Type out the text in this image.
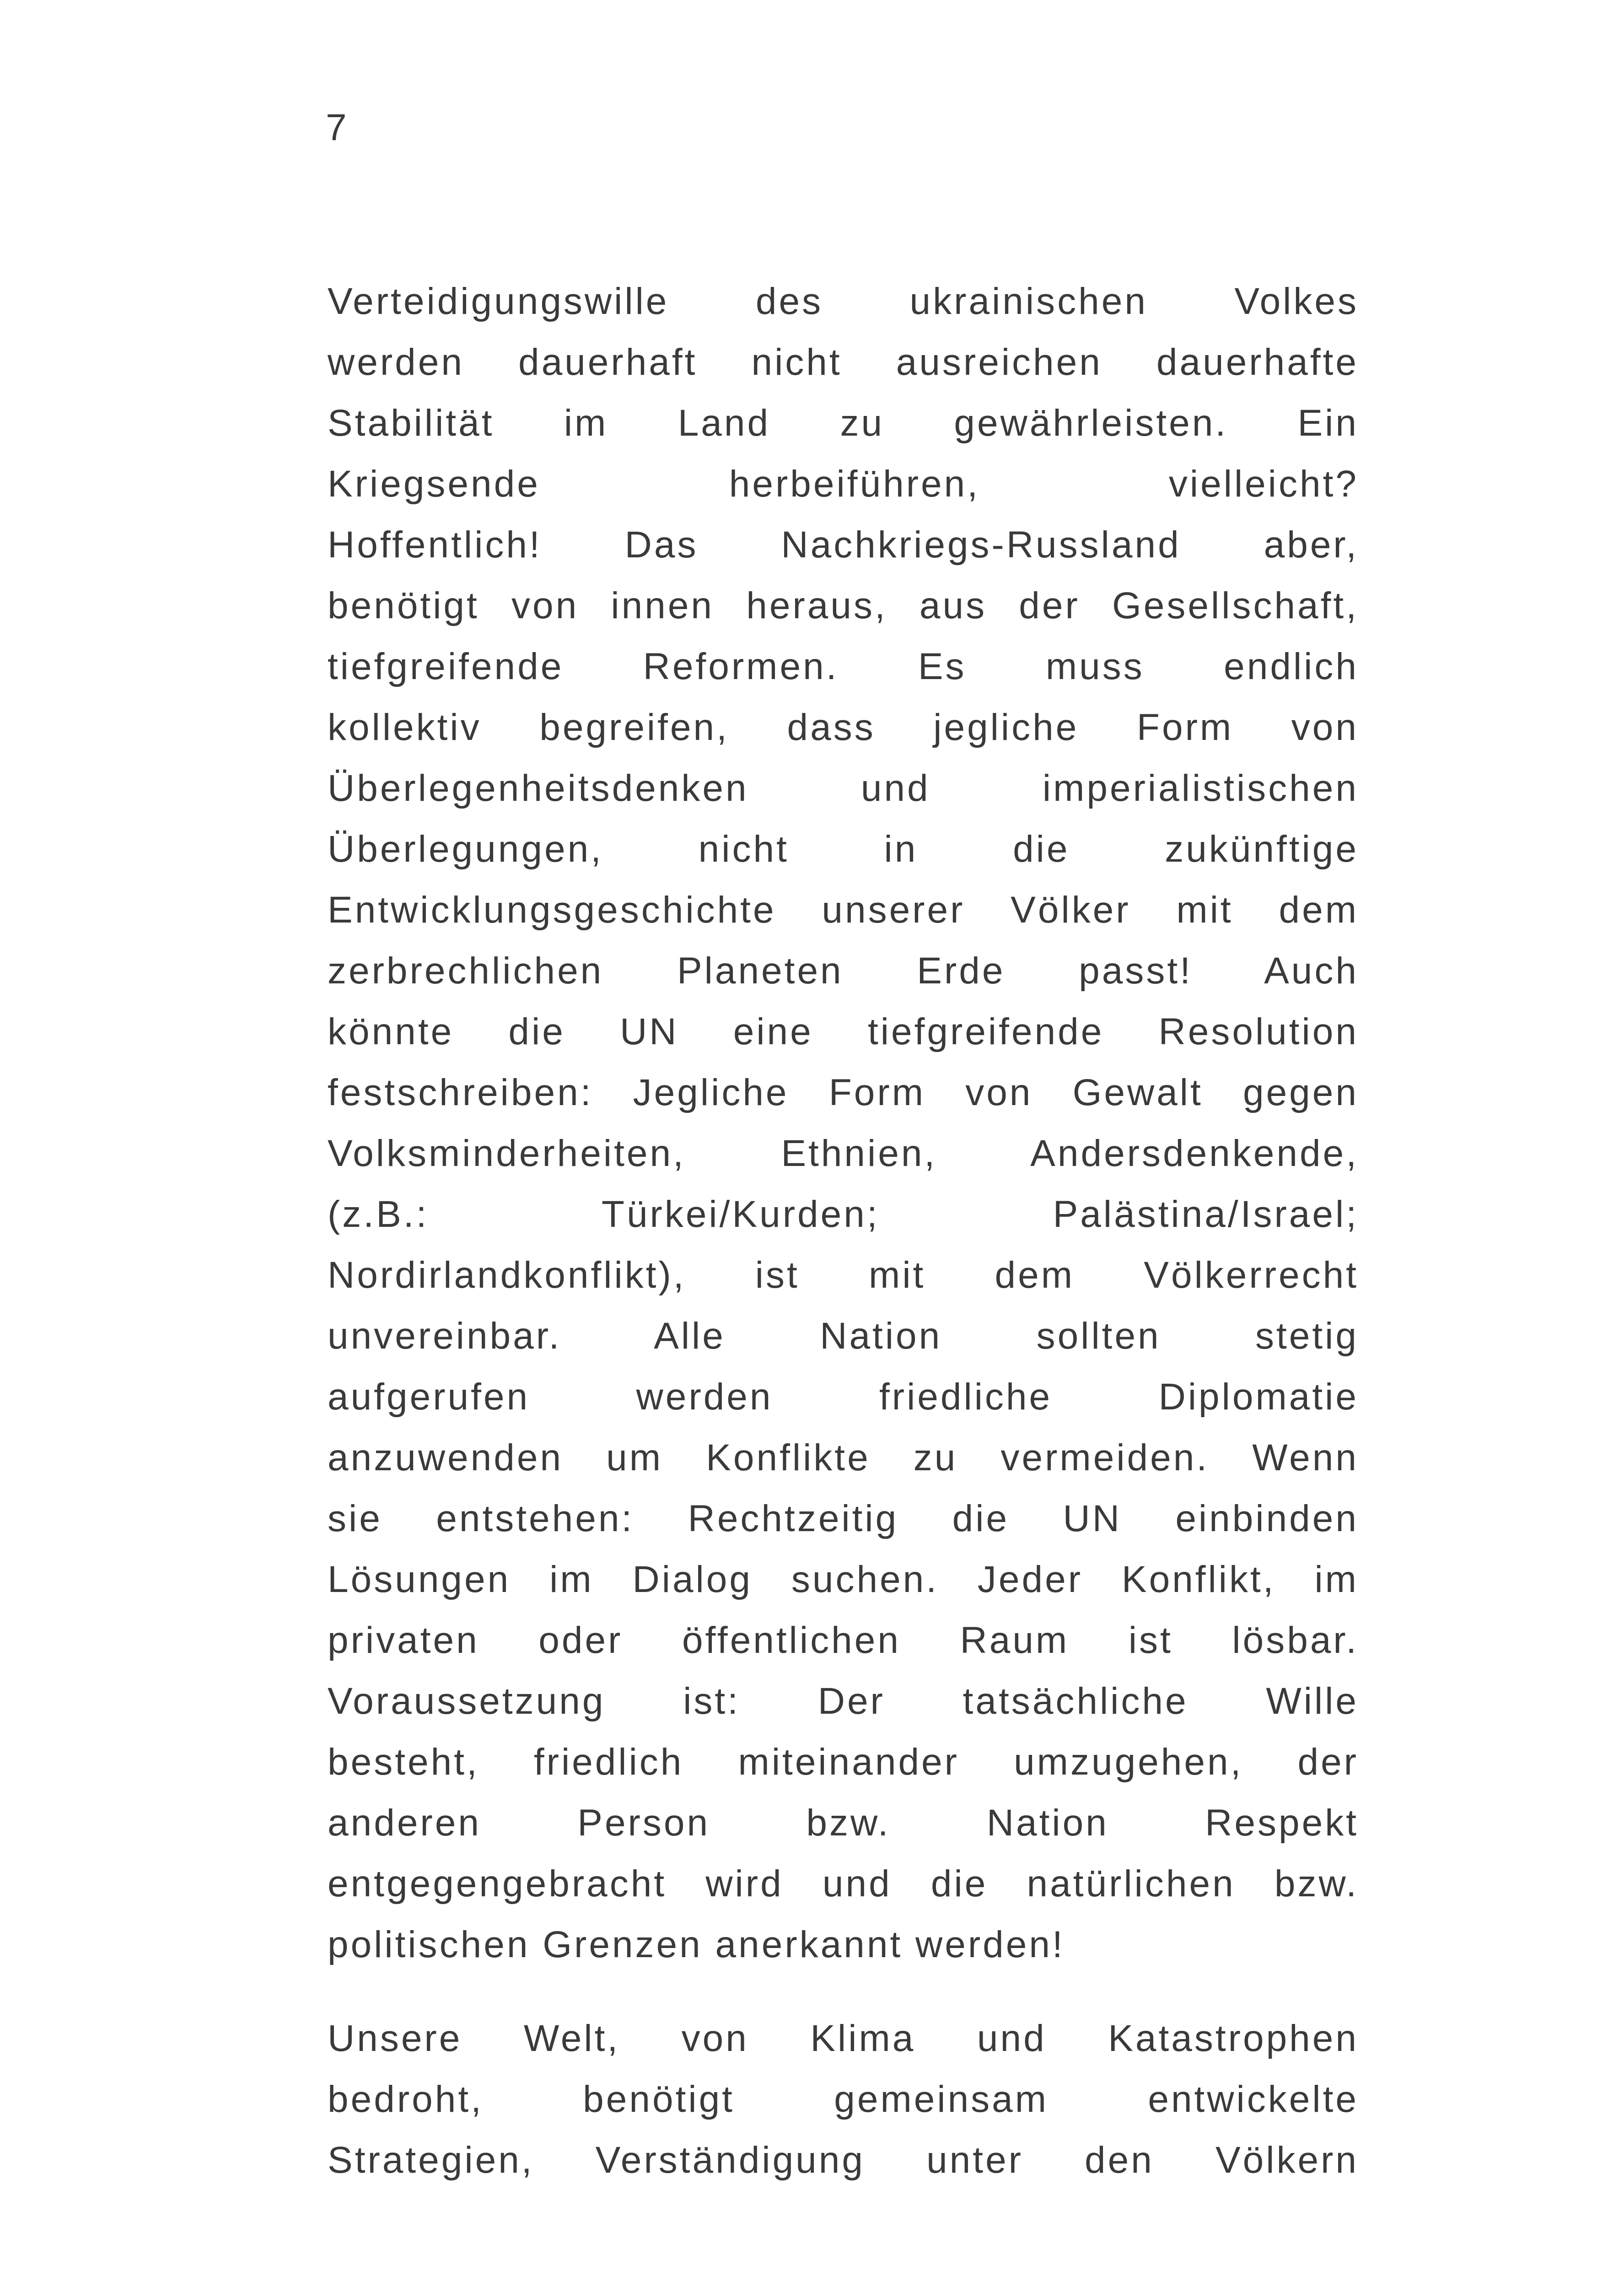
7
Verteidigungswille des ukrainischen Volkes
werden dauerhaft nicht ausreichen dauerhafte
Stabilität im Land zu gewährleisten. Ein
Kriegsende herbeiführen, vielleicht?
Hoffentlich! Das Nachkriegs-Russland aber,
benötigt von innen heraus, aus der Gesellschaft,
tiefgreifende Reformen. Es muss endlich
kollektiv begreifen, dass jegliche Form von
Überlegenheitsdenken und imperialistischen
Überlegungen, nicht in die zukünftige
Entwicklungsgeschichte unserer Völker mit dem
zerbrechlichen Planeten Erde passt! Auch
könnte die UN eine tiefgreifende Resolution
festschreiben: Jegliche Form von Gewalt gegen
Volksminderheiten, Ethnien, Andersdenkende,
(z.B.: Türkei/Kurden; Palästina/Israel;
Nordirlandkonflikt), ist mit dem Völkerrecht
unvereinbar. Alle Nation sollten stetig
aufgerufen werden friedliche Diplomatie
anzuwenden um Konflikte zu vermeiden. Wenn
sie entstehen: Rechtzeitig die UN einbinden
Lösungen im Dialog suchen. Jeder Konflikt, im
privaten oder öffentlichen Raum ist lösbar.
Voraussetzung ist: Der tatsächliche Wille
besteht, friedlich miteinander umzugehen, der
anderen Person bzw. Nation Respekt
entgegengebracht wird und die natürlichen bzw.
politischen Grenzen anerkannt werden!
Unsere Welt, von Klima und Katastrophen
bedroht, benötigt gemeinsam entwickelte
Strategien, Verständigung unter den Völkern
